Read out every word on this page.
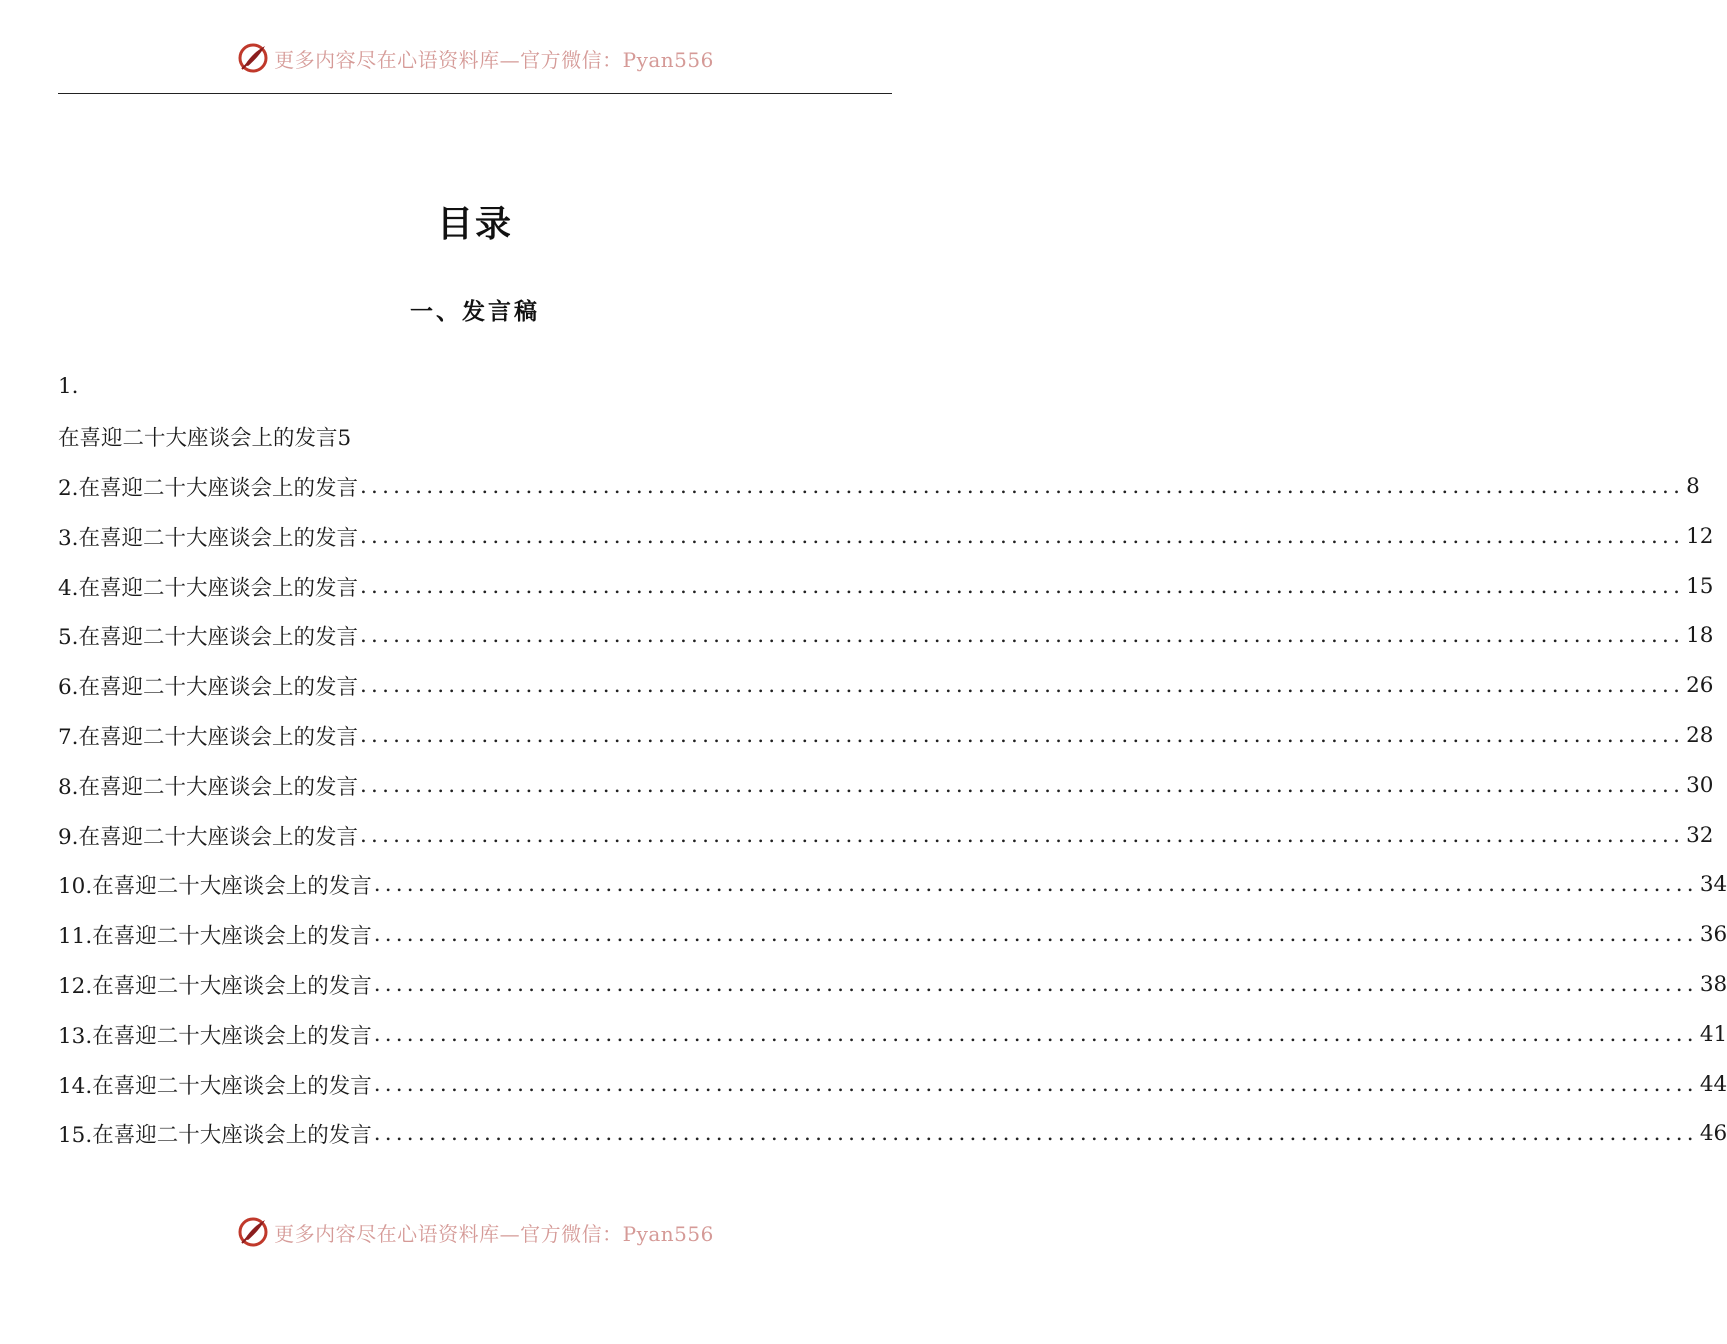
更多内容尽在心语资料库—官方微信：Pyan556
目录
一、发言稿
1.
在喜迎二十大座谈会上的发言5
2.在喜迎二十大座谈会上的发言 ........................................................................................................................ 8
3.在喜迎二十大座谈会上的发言 ........................................................................................................................ 12
4.在喜迎二十大座谈会上的发言 ........................................................................................................................ 15
5.在喜迎二十大座谈会上的发言 ........................................................................................................................ 18
6.在喜迎二十大座谈会上的发言 ........................................................................................................................ 26
7.在喜迎二十大座谈会上的发言 ........................................................................................................................ 28
8.在喜迎二十大座谈会上的发言 ........................................................................................................................ 30
9.在喜迎二十大座谈会上的发言 ........................................................................................................................ 32
10.在喜迎二十大座谈会上的发言 ........................................................................................................................ 34
11.在喜迎二十大座谈会上的发言 ........................................................................................................................ 36
12.在喜迎二十大座谈会上的发言 ........................................................................................................................ 38
13.在喜迎二十大座谈会上的发言 ........................................................................................................................ 41
14.在喜迎二十大座谈会上的发言 ........................................................................................................................ 44
15.在喜迎二十大座谈会上的发言 ........................................................................................................................ 46
更多内容尽在心语资料库—官方微信：Pyan556
